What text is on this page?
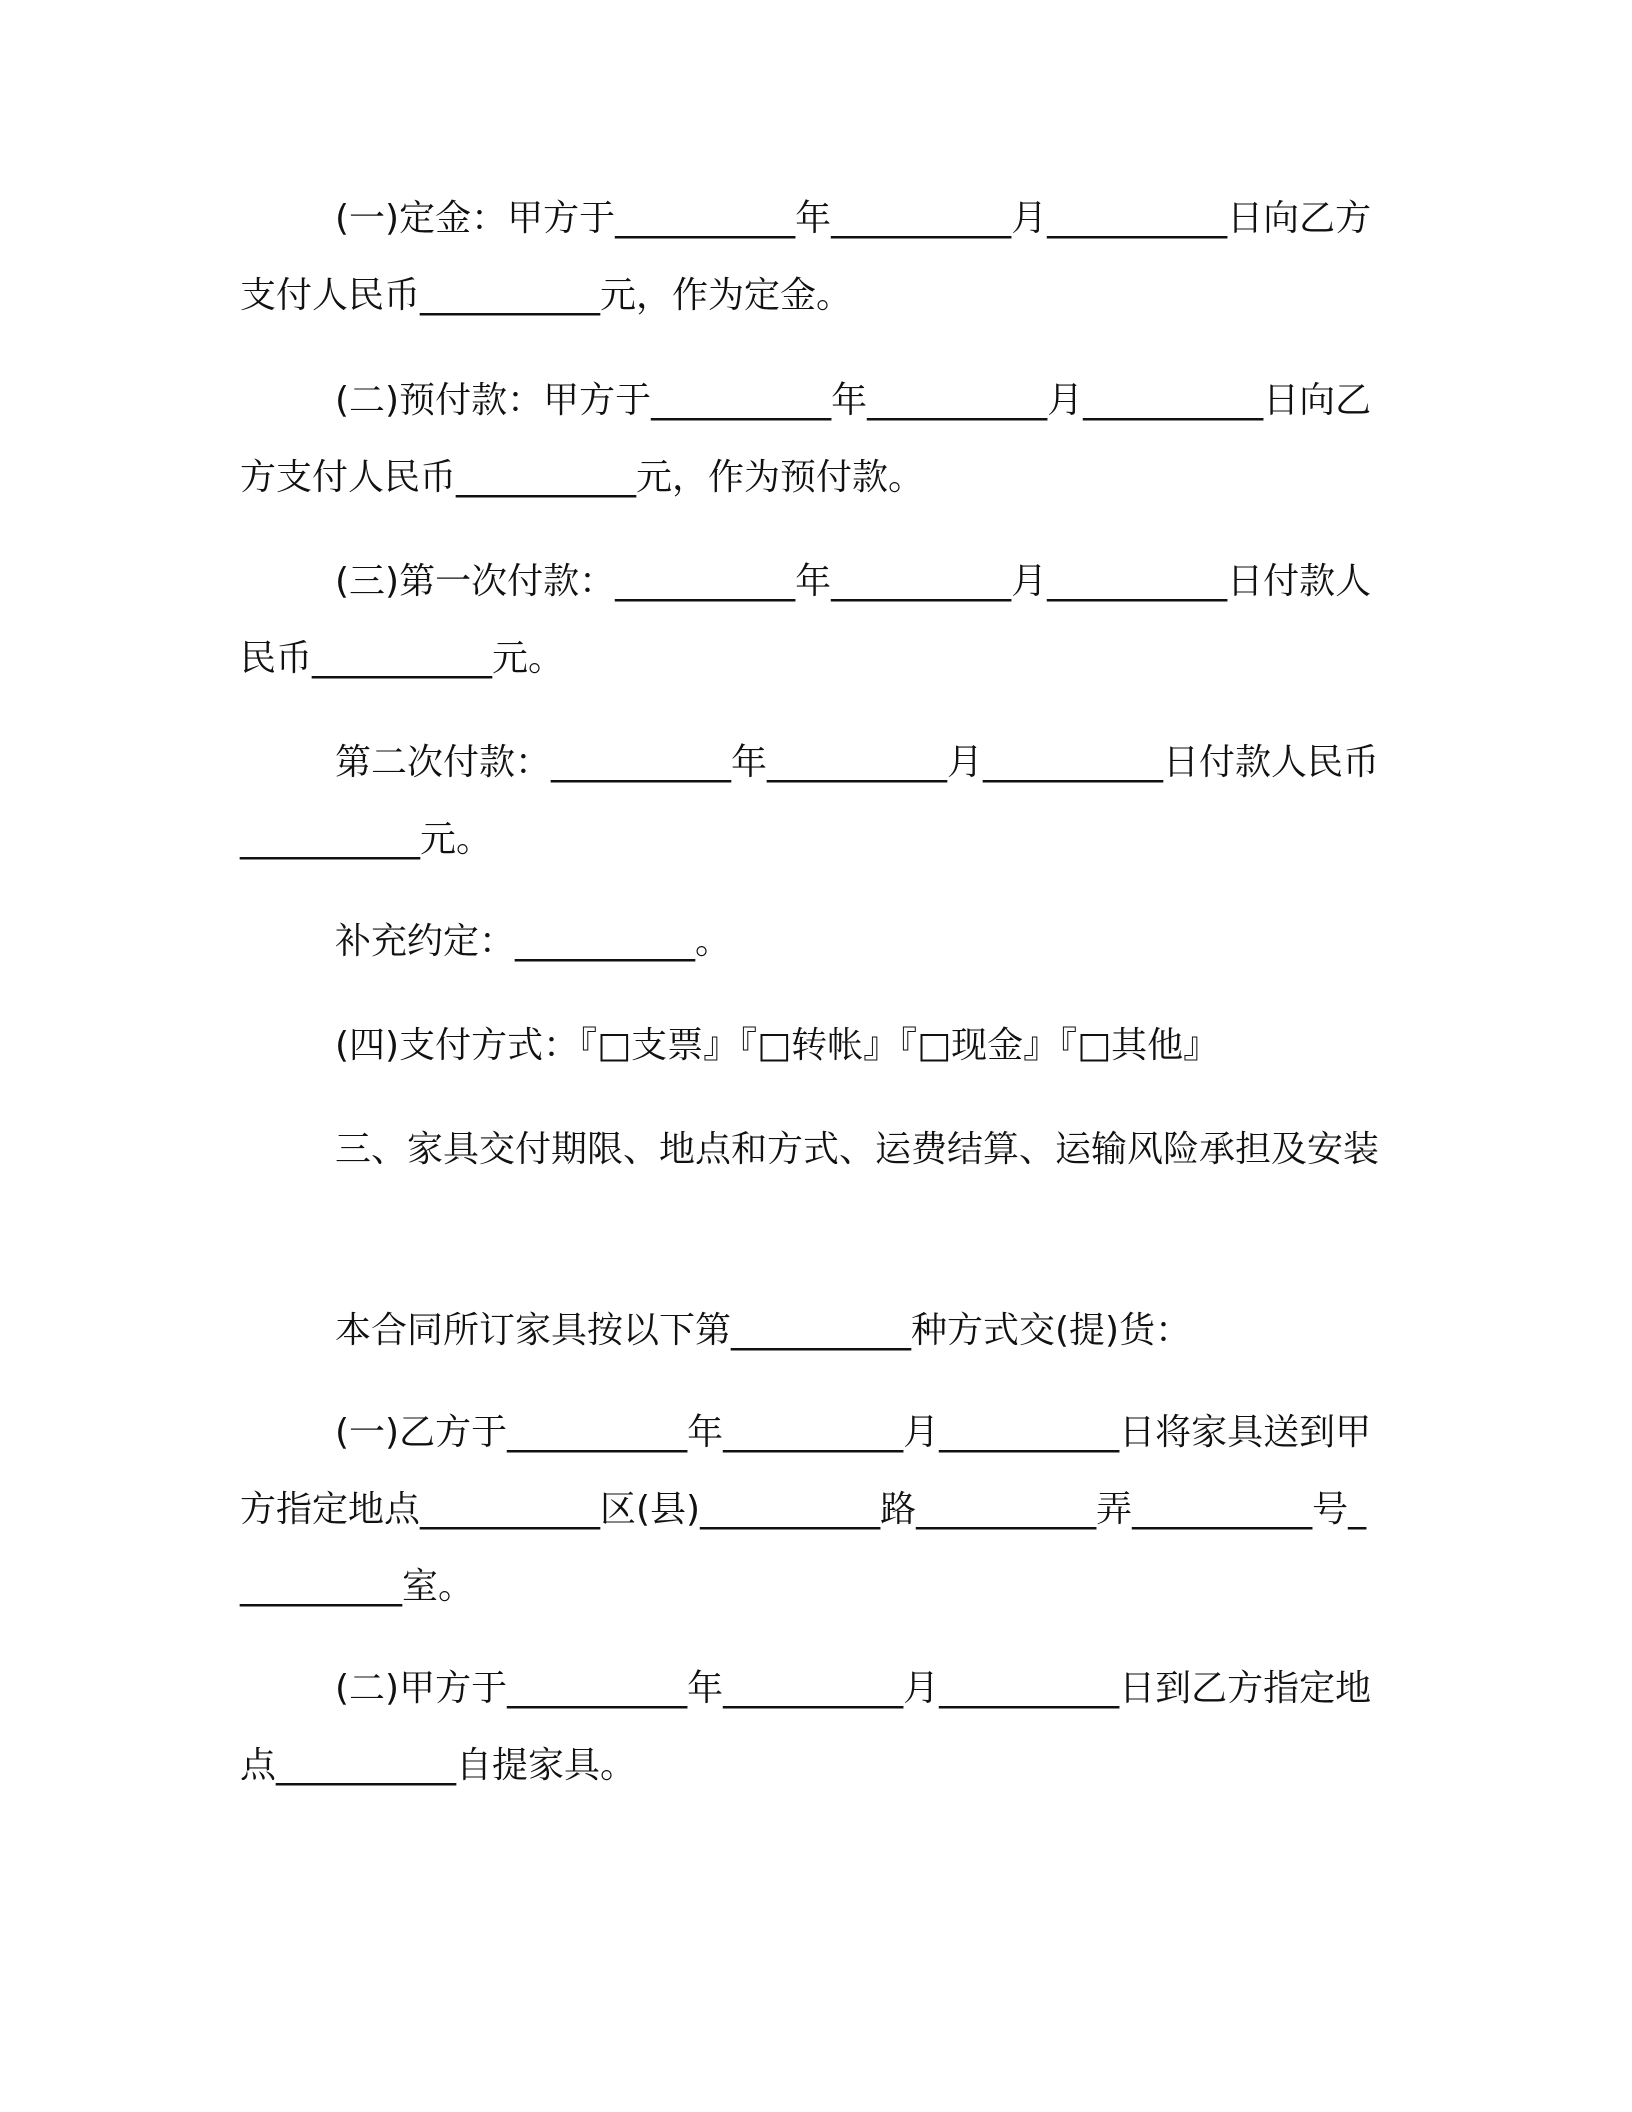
(一)定金：甲方于__________年__________月__________日向乙方支付人民币__________元，作为定金。

(二)预付款：甲方于__________年__________月__________日向乙方支付人民币__________元，作为预付款。

(三)第一次付款：__________年__________月__________日付款人民币__________元。

第二次付款：__________年__________月__________日付款人民币__________元。

补充约定：__________。

(四)支付方式：『□支票』『□转帐』『□现金』『□其他』

三、家具交付期限、地点和方式、运费结算、运输风险承担及安装

本合同所订家具按以下第__________种方式交(提)货：

(一)乙方于__________年__________月__________日将家具送到甲方指定地点__________区(县)__________路__________弄__________号__________室。

(二)甲方于__________年__________月__________日到乙方指定地点__________自提家具。
